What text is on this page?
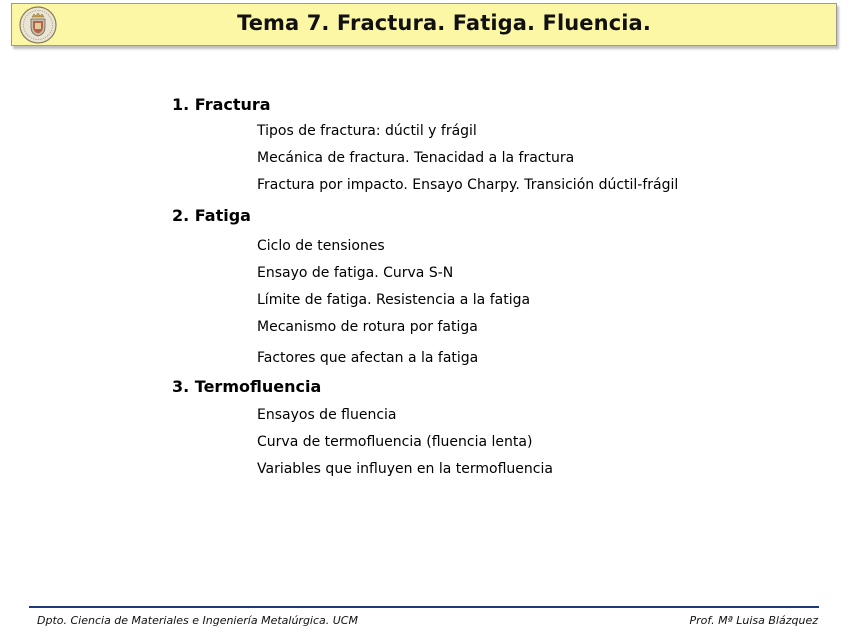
Tema 7. Fractura. Fatiga. Fluencia.
1. Fractura
Tipos de fractura: dúctil y frágil
Mecánica de fractura. Tenacidad a la fractura
Fractura por impacto. Ensayo Charpy. Transición dúctil-frágil
2. Fatiga
Ciclo de tensiones
Ensayo de fatiga. Curva S-N
Límite de fatiga. Resistencia a la fatiga
Mecanismo de rotura por fatiga
Factores que afectan a la fatiga
3. Termofluencia
Ensayos de fluencia
Curva de termofluencia (fluencia lenta)
Variables que influyen en la termofluencia
Dpto. Ciencia de Materiales e Ingeniería Metalúrgica. UCM	Prof. Mª Luisa Blázquez
